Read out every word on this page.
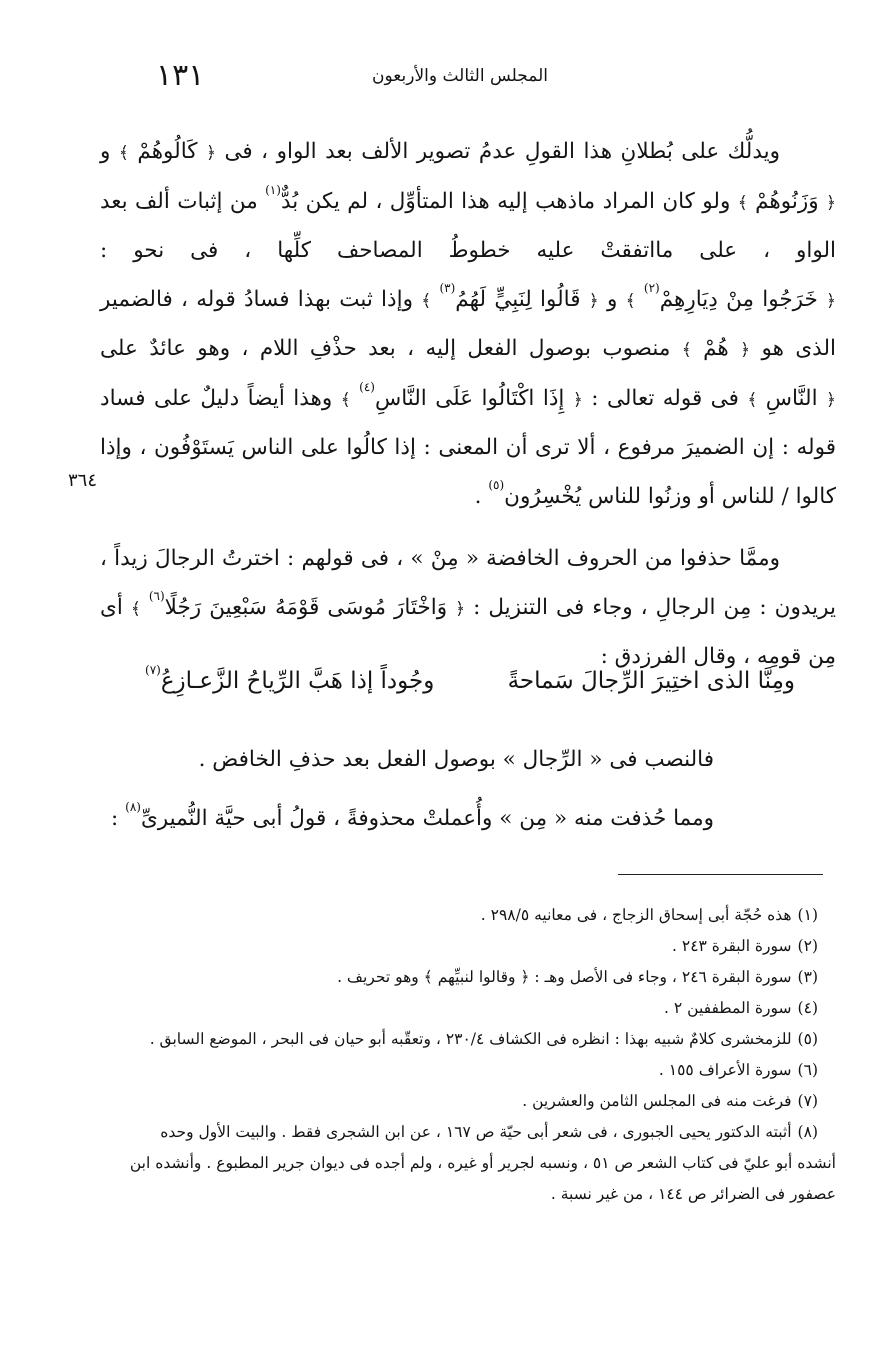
١٣١	المجلس الثالث والأربعون
٣٦٤

ويدلُّك على بُطلانِ هذا القولِ عدمُ تصوير الألف بعد الواو ، فى ﴿ كَالُوهُمْ ﴾ و ﴿ وَزَنُوهُمْ ﴾ ولو كان المراد ماذهب إليه هذا المتأوِّل ، لم يكن بُدٌّ$^{(١)}$ من إثبات ألف بعد الواو ، على مااتفقتْ عليه خطوطُ المصاحف كلِّها ، فى نحو : ﴿ خَرَجُوا مِنْ دِيَارِهِمْ$^{(٢)}$ ﴾ و ﴿ قَالُوا لِنَبِيٍّ لَهُمُ$^{(٣)}$ ﴾ وإذا ثبت بهذا فسادُ قوله ، فالضمير الذى هو ﴿ هُمْ ﴾ منصوب بوصول الفعل إليه ، بعد حذْفِ اللام ، وهو عائدٌ على ﴿ النَّاسِ ﴾ فى قوله تعالى : ﴿ إِذَا اكْتَالُوا عَلَى النَّاسِ$^{(٤)}$ ﴾ وهذا أيضاً دليلٌ على فساد قوله : إن الضميرَ مرفوع ، ألا ترى أن المعنى : إذا كالُوا على الناس يَستَوْفُون ، وإذا كالوا / للناس أو وزنُوا للناس يُخْسِرُون$^{(٥)}$ .

وممَّا حذفوا من الحروف الخافضة « مِنْ » ، فى قولهم : اخترتُ الرجالَ زيداً ، يريدون : مِن الرجالِ ، وجاء فى التنزيل : ﴿ وَاخْتَارَ مُوسَى قَوْمَهُ سَبْعِينَ رَجُلًا$^{(٦)}$ ﴾ أى مِن قومِه ، وقال الفرزدق :

ومِنَّا الذى اختِيرَ الرِّجالَ سَماحةً
وجُوداً إذا هَبَّ الرِّياحُ الزَّعـازِعُ$^{(٧)}$

فالنصب فى « الرِّجال » بوصول الفعل بعد حذفِ الخافض .

ومما حُذفت منه « مِن » وأُعملتْ محذوفةً ، قولُ أبى حيَّة النُّميرىِّ$^{(٨)}$ :

(١)هذه حُجّة أبى إسحاق الزجاج ، فى معانيه ٢٩٨/٥ .

(٢)سورة البقرة ٢٤٣ .

(٣)سورة البقرة ٢٤٦ ، وجاء فى الأصل وهـ : ﴿ وقالوا لنبيِّهم ﴾ وهو تحريف .

(٤)سورة المطففين ٢ .

(٥)للزمخشرى كلامٌ شبيه بهذا : انظره فى الكشاف ٢٣٠/٤ ، وتعقّبه أبو حيان فى البحر ، الموضع السابق .

(٦)سورة الأعراف ١٥٥ .

(٧)فرغت منه فى المجلس الثامن والعشرين .

(٨)أثبته الدكتور يحيى الجبورى ، فى شعر أبى حيّة ص ١٦٧ ، عن ابن الشجرى فقط . والبيت الأول وحده أنشده أبو عليّ فى كتاب الشعر ص ٥١ ، ونسبه لجرير أو غيره ، ولم أجده فى ديوان جرير المطبوع . وأنشده ابن عصفور فى الضرائر ص ١٤٤ ، من غير نسبة .
